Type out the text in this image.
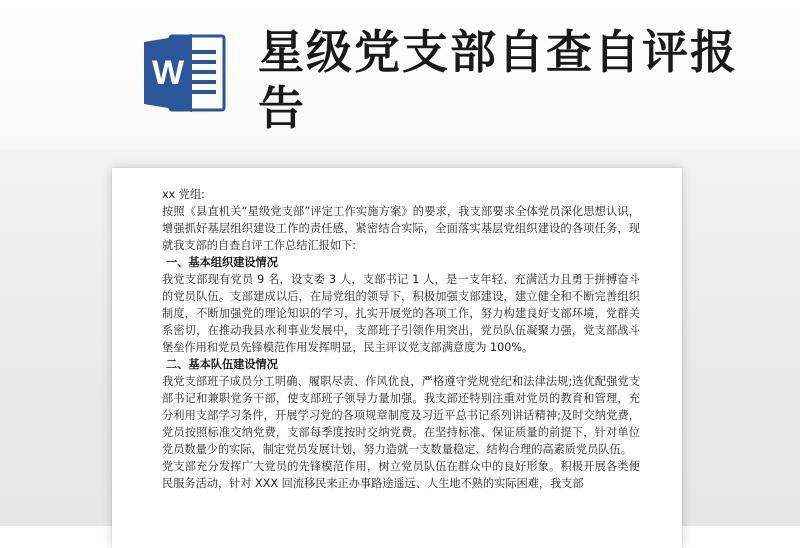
W 星级党支部自查自评报告

xx 党组:

按照《县直机关“星级党支部”评定工作实施方案》的要求，我支部要求全体党员深化思想认识，增强抓好基层组织建设工作的责任感，紧密结合实际，全面落实基层党组织建设的各项任务，现就我支部的自查自评工作总结汇报如下:

一、基本组织建设情况

我党支部现有党员 9 名，设支委 3 人，支部书记 1 人，是一支年轻、充满活力且勇于拼搏奋斗的党员队伍。支部建成以后，在局党组的领导下，积极加强支部建设，建立健全和不断完善组织制度，不断加强党的理论知识的学习，扎实开展党的各项工作，努力构建良好支部环境，党群关系密切，在推动我县水利事业发展中，支部班子引领作用突出，党员队伍凝聚力强，党支部战斗堡垒作用和党员先锋模范作用发挥明显，民主评议党支部满意度为 100%。

二、基本队伍建设情况

我党支部班子成员分工明确、履职尽责、作风优良，严格遵守党规党纪和法律法规;选优配强党支部书记和兼职党务干部，使支部班子领导力量加强。我支部还特别注重对党员的教育和管理，充分利用支部学习条件，开展学习党的各项规章制度及习近平总书记系列讲话精神;及时交纳党费，党员按照标准交纳党费，支部每季度按时交纳党费。在坚持标准、保证质量的前提下，针对单位党员数量少的实际，制定党员发展计划，努力造就一支数量稳定、结构合理的高素质党员队伍。

党支部充分发挥广大党员的先锋模范作用，树立党员队伍在群众中的良好形象。积极开展各类便民服务活动，针对 XXX 回流移民来正办事路途遥远、人生地不熟的实际困难，我支部
